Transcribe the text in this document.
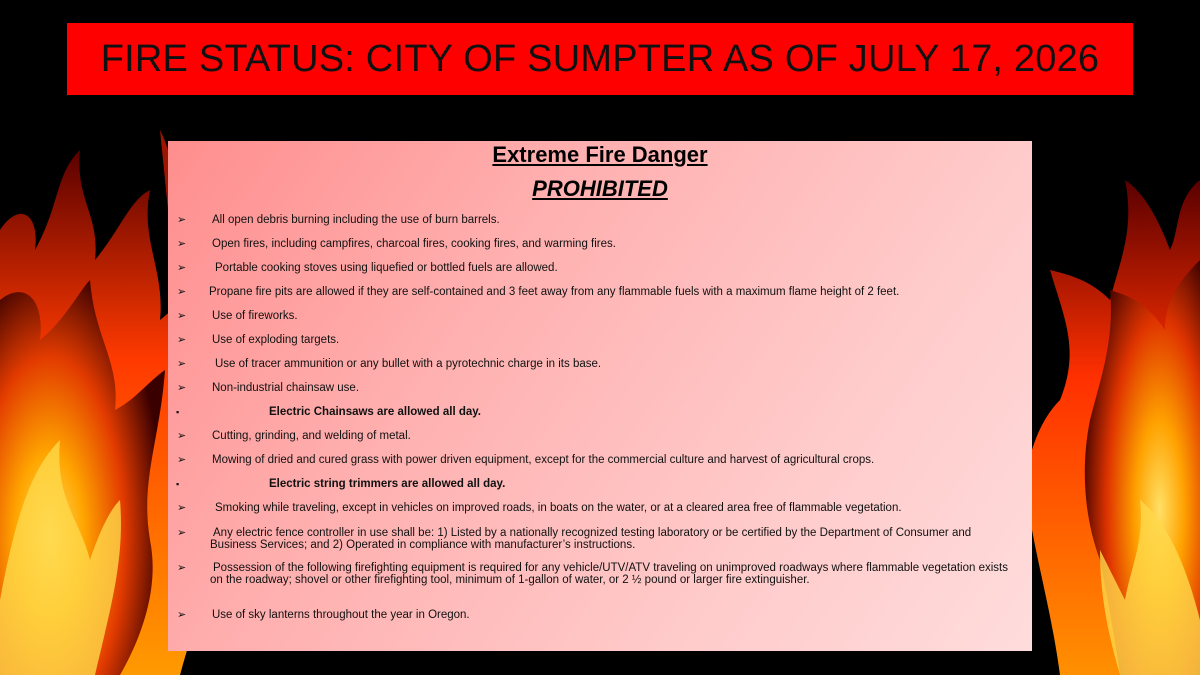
FIRE STATUS: CITY OF SUMPTER AS OF JULY 17, 2026
Extreme Fire Danger
PROHIBITED
➢ All open debris burning including the use of burn barrels.
➢ Open fires, including campfires, charcoal fires, cooking fires, and warming fires.
➢	Portable cooking stoves using liquefied or bottled fuels are allowed.
➢ Propane fire pits are allowed if they are self-contained and 3 feet away from any flammable fuels with a maximum flame height of 2 feet.
➢ Use of fireworks.
➢ Use of exploding targets.
➢	Use of tracer ammunition or any bullet with a pyrotechnic charge in its base.
➢ Non-industrial chainsaw use.
▪	Electric Chainsaws are allowed all day.
➢ Cutting, grinding, and welding of metal.
➢ Mowing of dried and cured grass with power driven equipment, except for the commercial culture and harvest of agricultural crops.
▪	Electric string trimmers are allowed all day.
➢	Smoking while traveling, except in vehicles on improved roads, in boats on the water, or at a cleared area free of flammable vegetation.
➢ Any electric fence controller in use shall be: 1) Listed by a nationally recognized testing laboratory or be certified by the Department of Consumer and Business Services; and 2) Operated in compliance with manufacturer’s instructions.
➢ Possession of the following firefighting equipment is required for any vehicle/UTV/ATV traveling on unimproved roadways where flammable vegetation exists on the roadway; shovel or other firefighting tool, minimum of 1-gallon of water, or 2 ½ pound or larger fire extinguisher.
➢ Use of sky lanterns throughout the year in Oregon.
